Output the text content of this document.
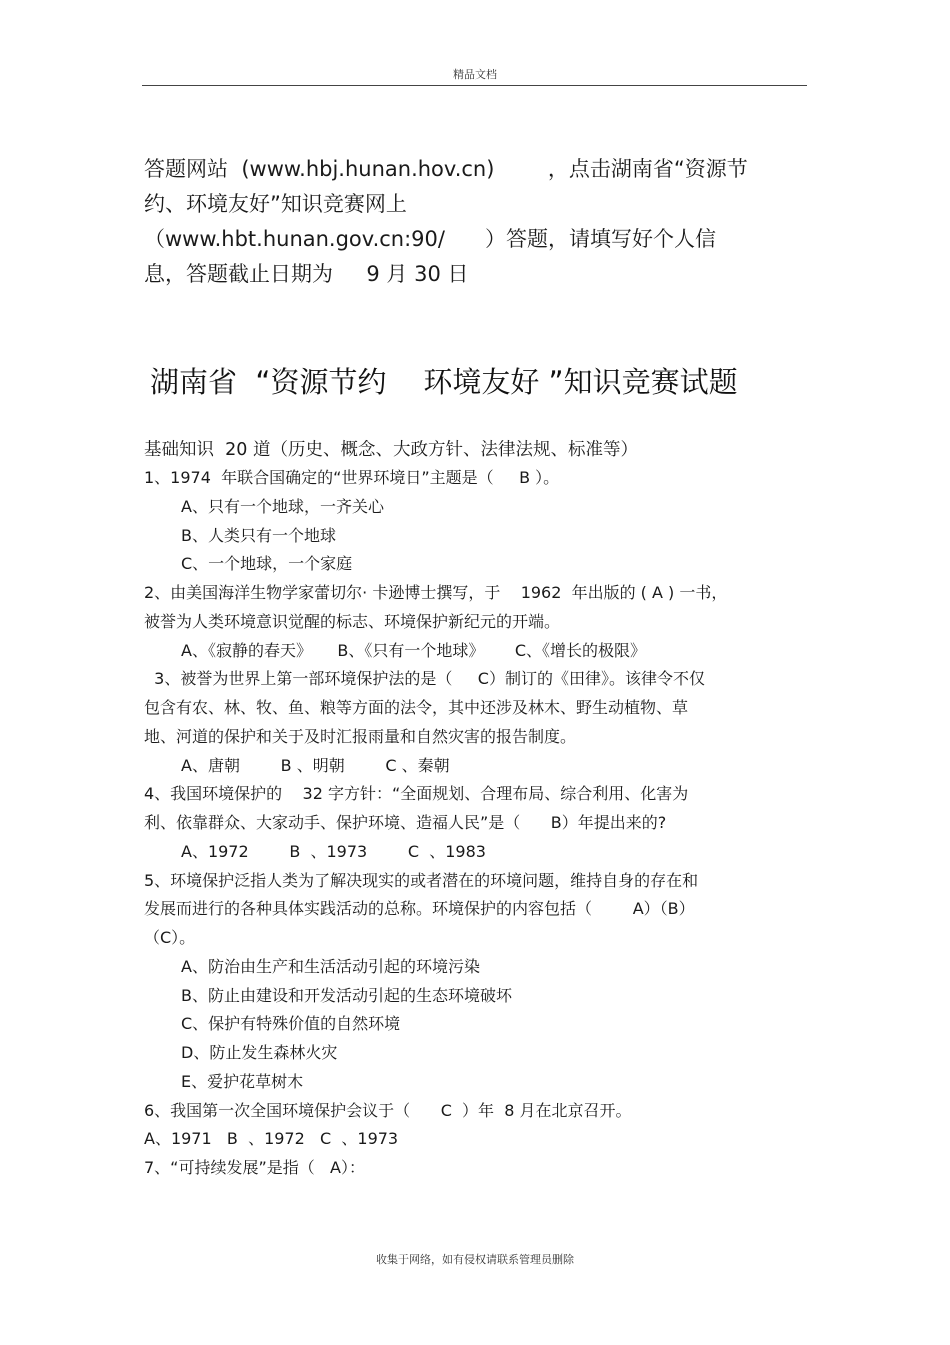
精品文档
答题网站  (www.hbj.hunan.hov.cn)        ，点击湖南省“资源节
约、环境友好”知识竞赛网上
（www.hbt.hunan.gov.cn:90/      ）答题，请填写好个人信
息，答题截止日期为     9 月 30 日
湖南省  “资源节约    环境友好 ”知识竞赛试题
基础知识  20 道（历史、概念、大政方针、法律法规、标准等）
1、1974  年联合国确定的“世界环境日”主题是（     B ）。
A、只有一个地球，一齐关心
B、人类只有一个地球
C、一个地球，一个家庭
2、由美国海洋生物学家蕾切尔· 卡逊博士撰写，于    1962  年出版的 ( A ) 一书，
被誉为人类环境意识觉醒的标志、环境保护新纪元的开端。
A、《寂静的春天》     B、《只有一个地球》      C、《增长的极限》
3、被誉为世界上第一部环境保护法的是（     C）制订的《田律》。该律令不仅
包含有农、林、牧、鱼、粮等方面的法令，其中还涉及林木、野生动植物、草
地、河道的保护和关于及时汇报雨量和自然灾害的报告制度。
A、唐朝        B 、明朝        C 、秦朝
4、我国环境保护的    32 字方针：“全面规划、合理布局、综合利用、化害为
利、依靠群众、大家动手、保护环境、造福人民”是（      B）年提出来的?
A、1972        B  、1973        C  、1983
5、环境保护泛指人类为了解决现实的或者潜在的环境问题，维持自身的存在和
发展而进行的各种具体实践活动的总称。环境保护的内容包括（        A）（B）
（C）。
A、防治由生产和生活活动引起的环境污染
B、防止由建设和开发活动引起的生态环境破坏
C、保护有特殊价值的自然环境
D、防止发生森林火灾
E、爱护花草树木
6、我国第一次全国环境保护会议于（      C  ）年  8 月在北京召开。
A、1971   B  、1972   C  、1973
7、“可持续发展”是指（   A）：
收集于网络，如有侵权请联系管理员删除
